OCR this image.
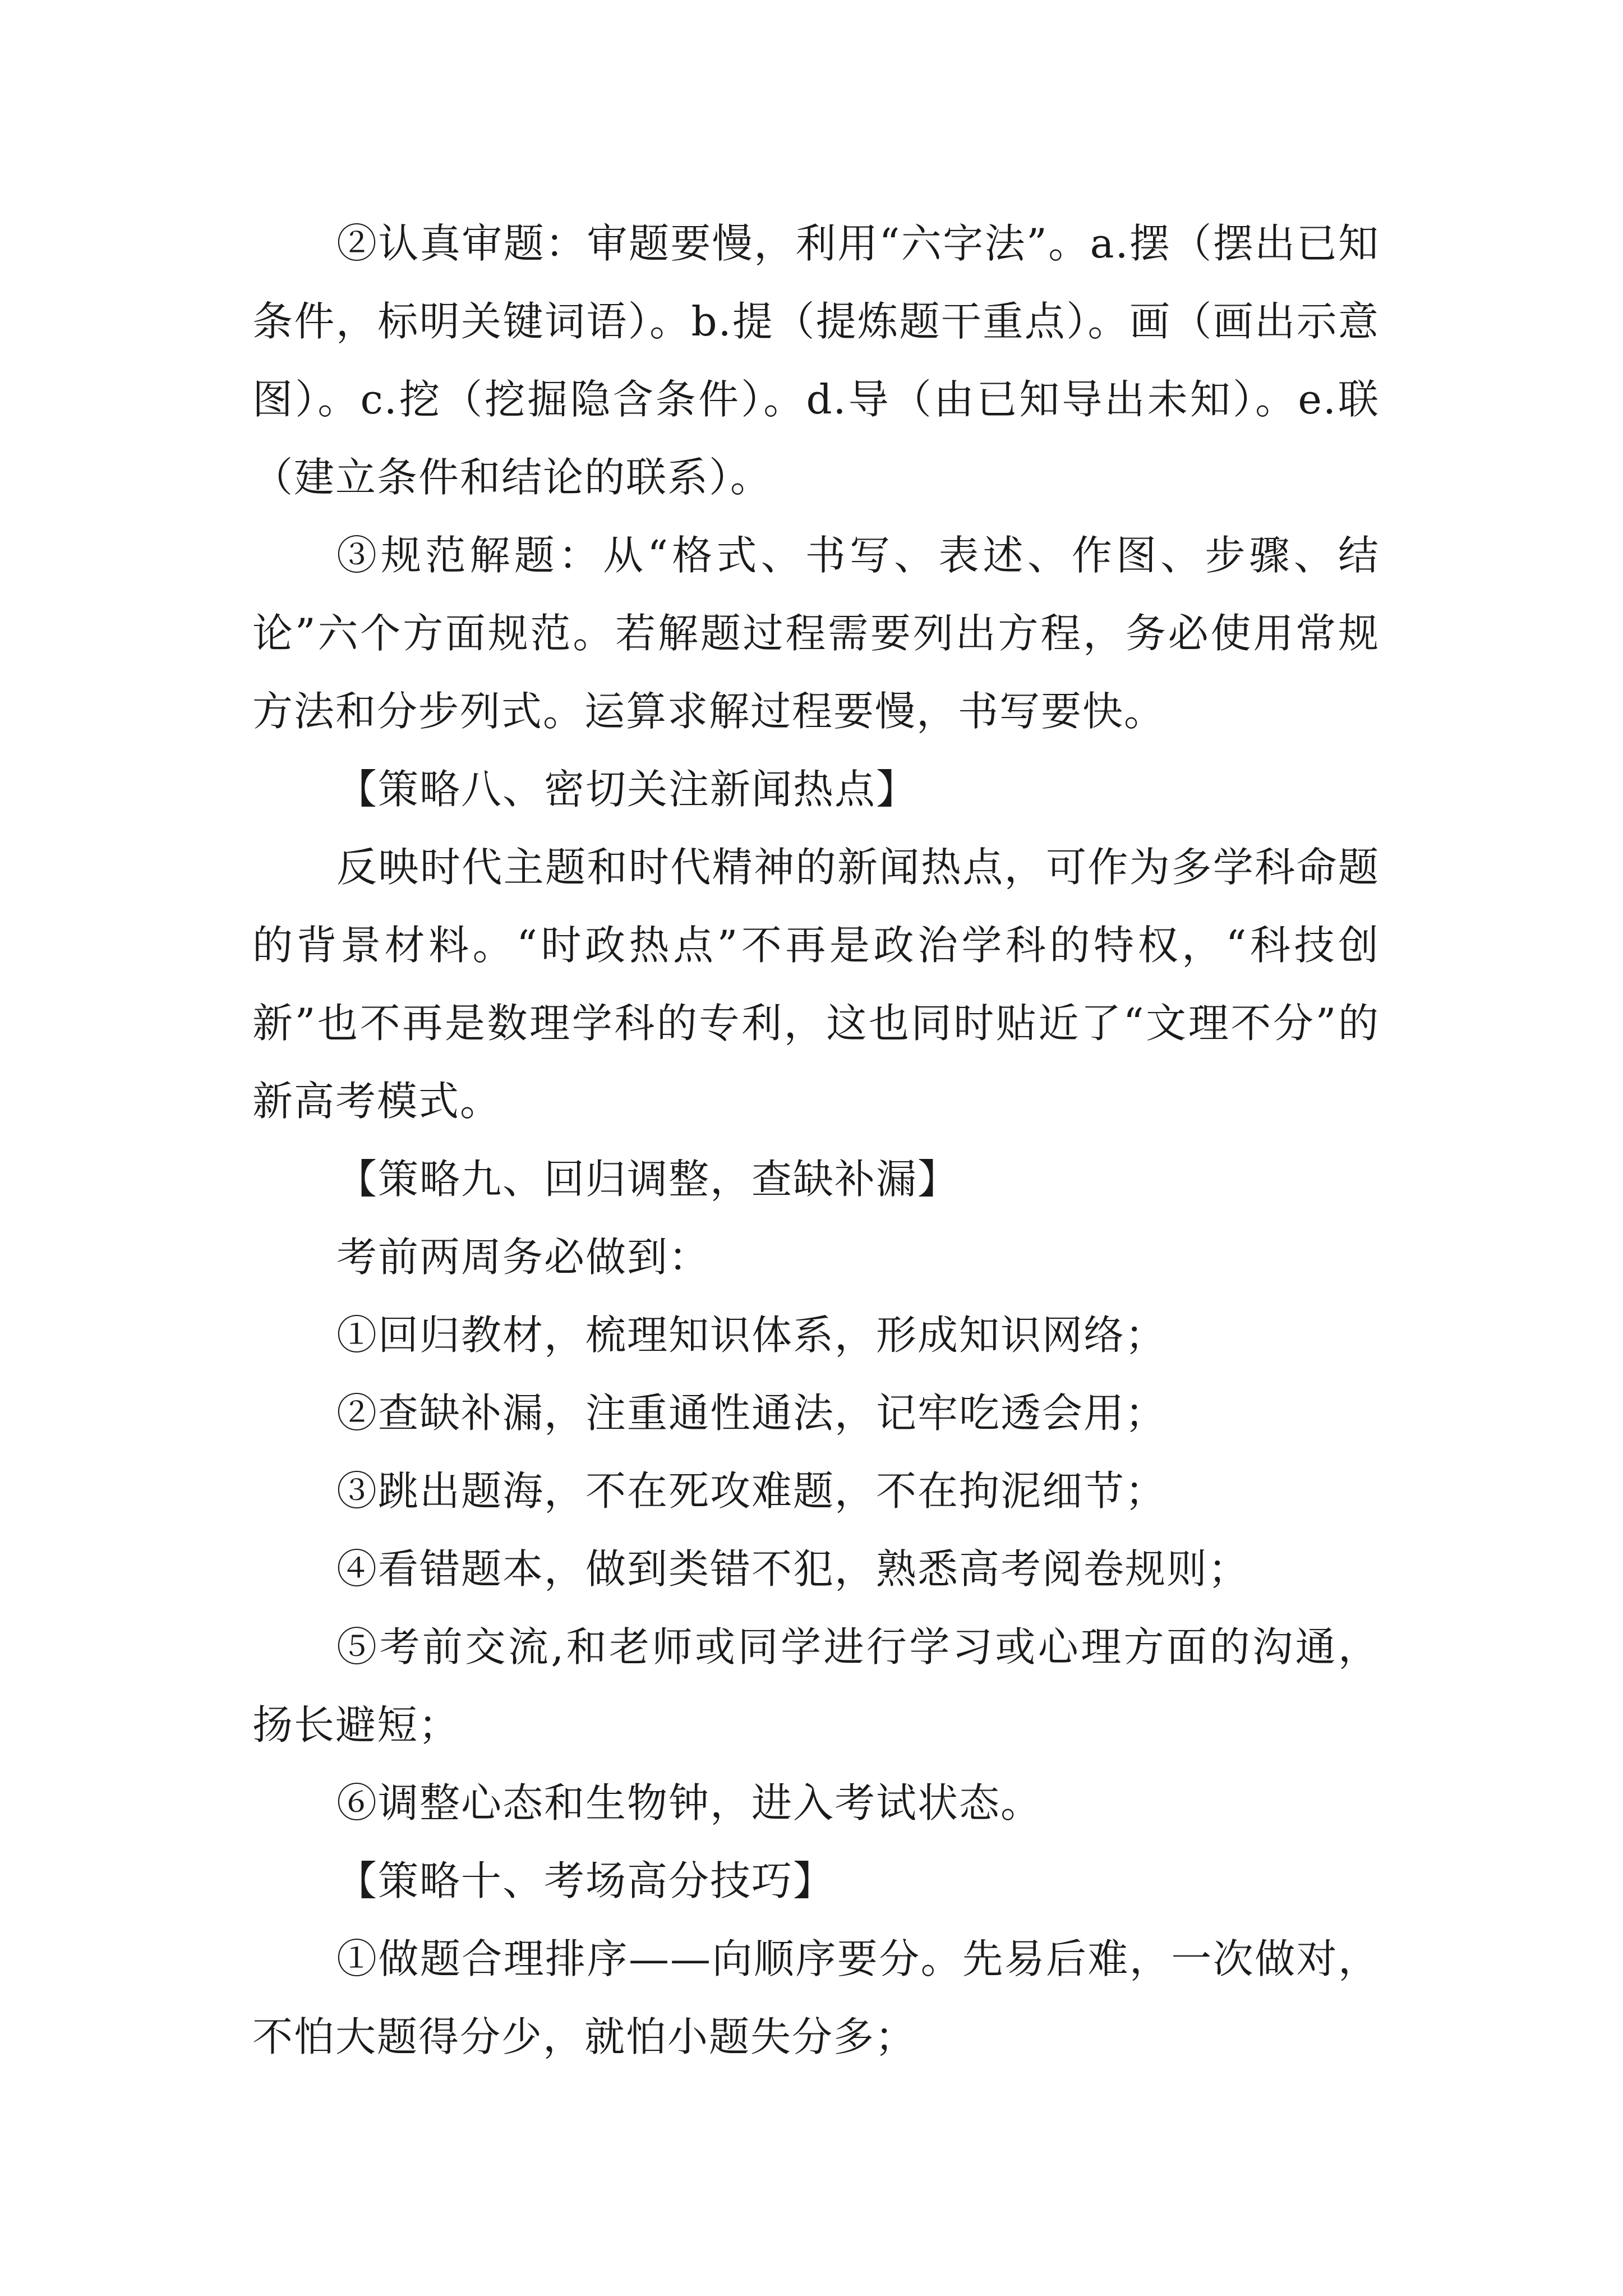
②认真审题：审题要慢，利用“六字法”。a.摆（摆出已知条件，标明关键词语）。b.提（提炼题干重点）。画（画出示意图）。c.挖（挖掘隐含条件）。d.导（由已知导出未知）。e.联（建立条件和结论的联系）。

③规范解题：从“格式、书写、表述、作图、步骤、结论”六个方面规范。若解题过程需要列出方程，务必使用常规方法和分步列式。运算求解过程要慢，书写要快。

【策略八、密切关注新闻热点】

反映时代主题和时代精神的新闻热点，可作为多学科命题的背景材料。“时政热点”不再是政治学科的特权，“科技创新”也不再是数理学科的专利，这也同时贴近了“文理不分”的新高考模式。

【策略九、回归调整，查缺补漏】

考前两周务必做到：

①回归教材，梳理知识体系，形成知识网络；

②查缺补漏，注重通性通法，记牢吃透会用；

③跳出题海，不在死攻难题，不在拘泥细节；

④看错题本，做到类错不犯，熟悉高考阅卷规则；

⑤考前交流,和老师或同学进行学习或心理方面的沟通，扬长避短；

⑥调整心态和生物钟，进入考试状态。

【策略十、考场高分技巧】

①做题合理排序——向顺序要分。先易后难，一次做对，不怕大题得分少，就怕小题失分多；
